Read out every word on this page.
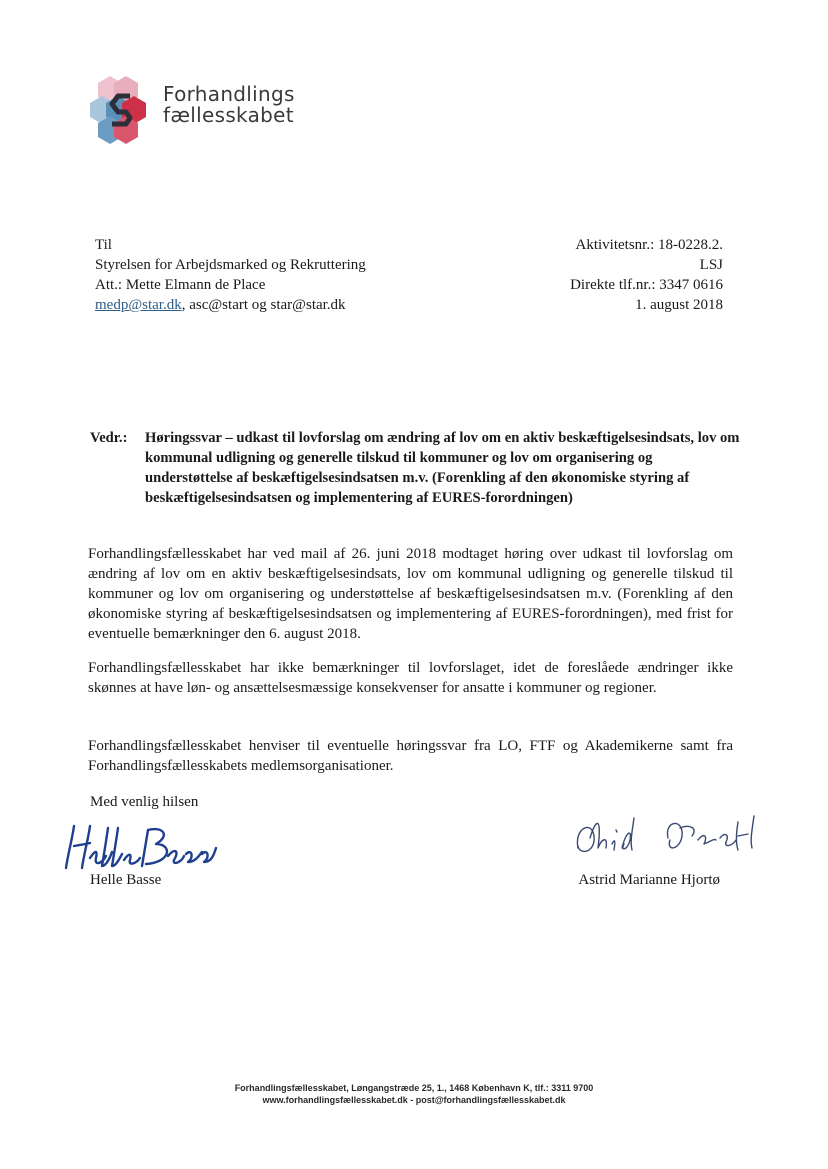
Forhandlings
fællesskabet
Til
Styrelsen for Arbejdsmarked og Rekruttering
Att.: Mette Elmann de Place
medp@star.dk, asc@start og star@star.dk
Aktivitetsnr.: 18-0228.2.
LSJ
Direkte tlf.nr.: 3347 0616
1. august 2018
Vedr.: Høringssvar – udkast til lovforslag om ændring af lov om en aktiv beskæftigelsesindsats, lov om kommunal udligning og generelle tilskud til kommuner og lov om organisering og understøttelse af beskæftigelsesindsatsen m.v. (Forenkling af den økonomiske styring af beskæftigelsesindsatsen og implementering af EURES-forordningen)
Forhandlingsfællesskabet har ved mail af 26. juni 2018 modtaget høring over udkast til lovforslag om ændring af lov om en aktiv beskæftigelsesindsats, lov om kommunal udligning og generelle tilskud til kommuner og lov om organisering og understøttelse af beskæftigelsesindsatsen m.v. (Forenkling af den økonomiske styring af beskæftigelsesindsatsen og implementering af EURES-forordningen), med frist for eventuelle bemærkninger den 6. august 2018.
Forhandlingsfællesskabet har ikke bemærkninger til lovforslaget, idet de foreslåede ændringer ikke skønnes at have løn- og ansættelsesmæssige konsekvenser for ansatte i kommuner og regioner.
Forhandlingsfællesskabet henviser til eventuelle høringssvar fra LO, FTF og Akademikerne samt fra Forhandlingsfællesskabets medlemsorganisationer.
Med venlig hilsen
Helle Basse	Astrid Marianne Hjortø
Forhandlingsfællesskabet, Løngangstræde 25, 1., 1468 København K, tlf.: 3311 9700
www.forhandlingsfællesskabet.dk - post@forhandlingsfællesskabet.dk
